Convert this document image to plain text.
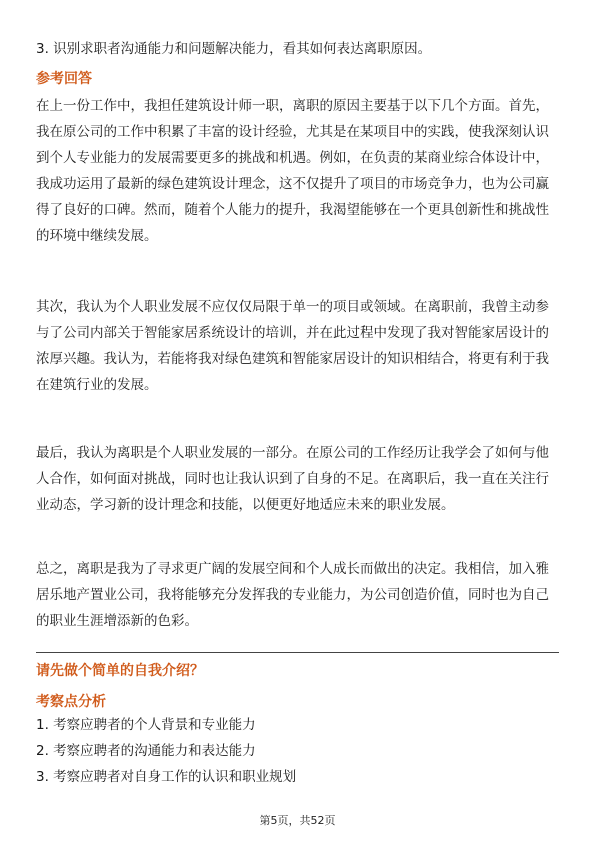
3. 识别求职者沟通能力和问题解决能力，看其如何表达离职原因。

参考回答

在上一份工作中，我担任建筑设计师一职，离职的原因主要基于以下几个方面。首先，我在原公司的工作中积累了丰富的设计经验，尤其是在某项目中的实践，使我深刻认识到个人专业能力的发展需要更多的挑战和机遇。例如，在负责的某商业综合体设计中，我成功运用了最新的绿色建筑设计理念，这不仅提升了项目的市场竞争力，也为公司赢得了良好的口碑。然而，随着个人能力的提升，我渴望能够在一个更具创新性和挑战性的环境中继续发展。

其次，我认为个人职业发展不应仅仅局限于单一的项目或领域。在离职前，我曾主动参与了公司内部关于智能家居系统设计的培训，并在此过程中发现了我对智能家居设计的浓厚兴趣。我认为，若能将我对绿色建筑和智能家居设计的知识相结合，将更有利于我在建筑行业的发展。

最后，我认为离职是个人职业发展的一部分。在原公司的工作经历让我学会了如何与他人合作，如何面对挑战，同时也让我认识到了自身的不足。在离职后，我一直在关注行业动态，学习新的设计理念和技能，以便更好地适应未来的职业发展。

总之，离职是我为了寻求更广阔的发展空间和个人成长而做出的决定。我相信，加入雅居乐地产置业公司，我将能够充分发挥我的专业能力，为公司创造价值，同时也为自己的职业生涯增添新的色彩。

请先做个简单的自我介绍？
考察点分析
1. 考察应聘者的个人背景和专业能力
2. 考察应聘者的沟通能力和表达能力
3. 考察应聘者对自身工作的认识和职业规划
第5页，共52页
